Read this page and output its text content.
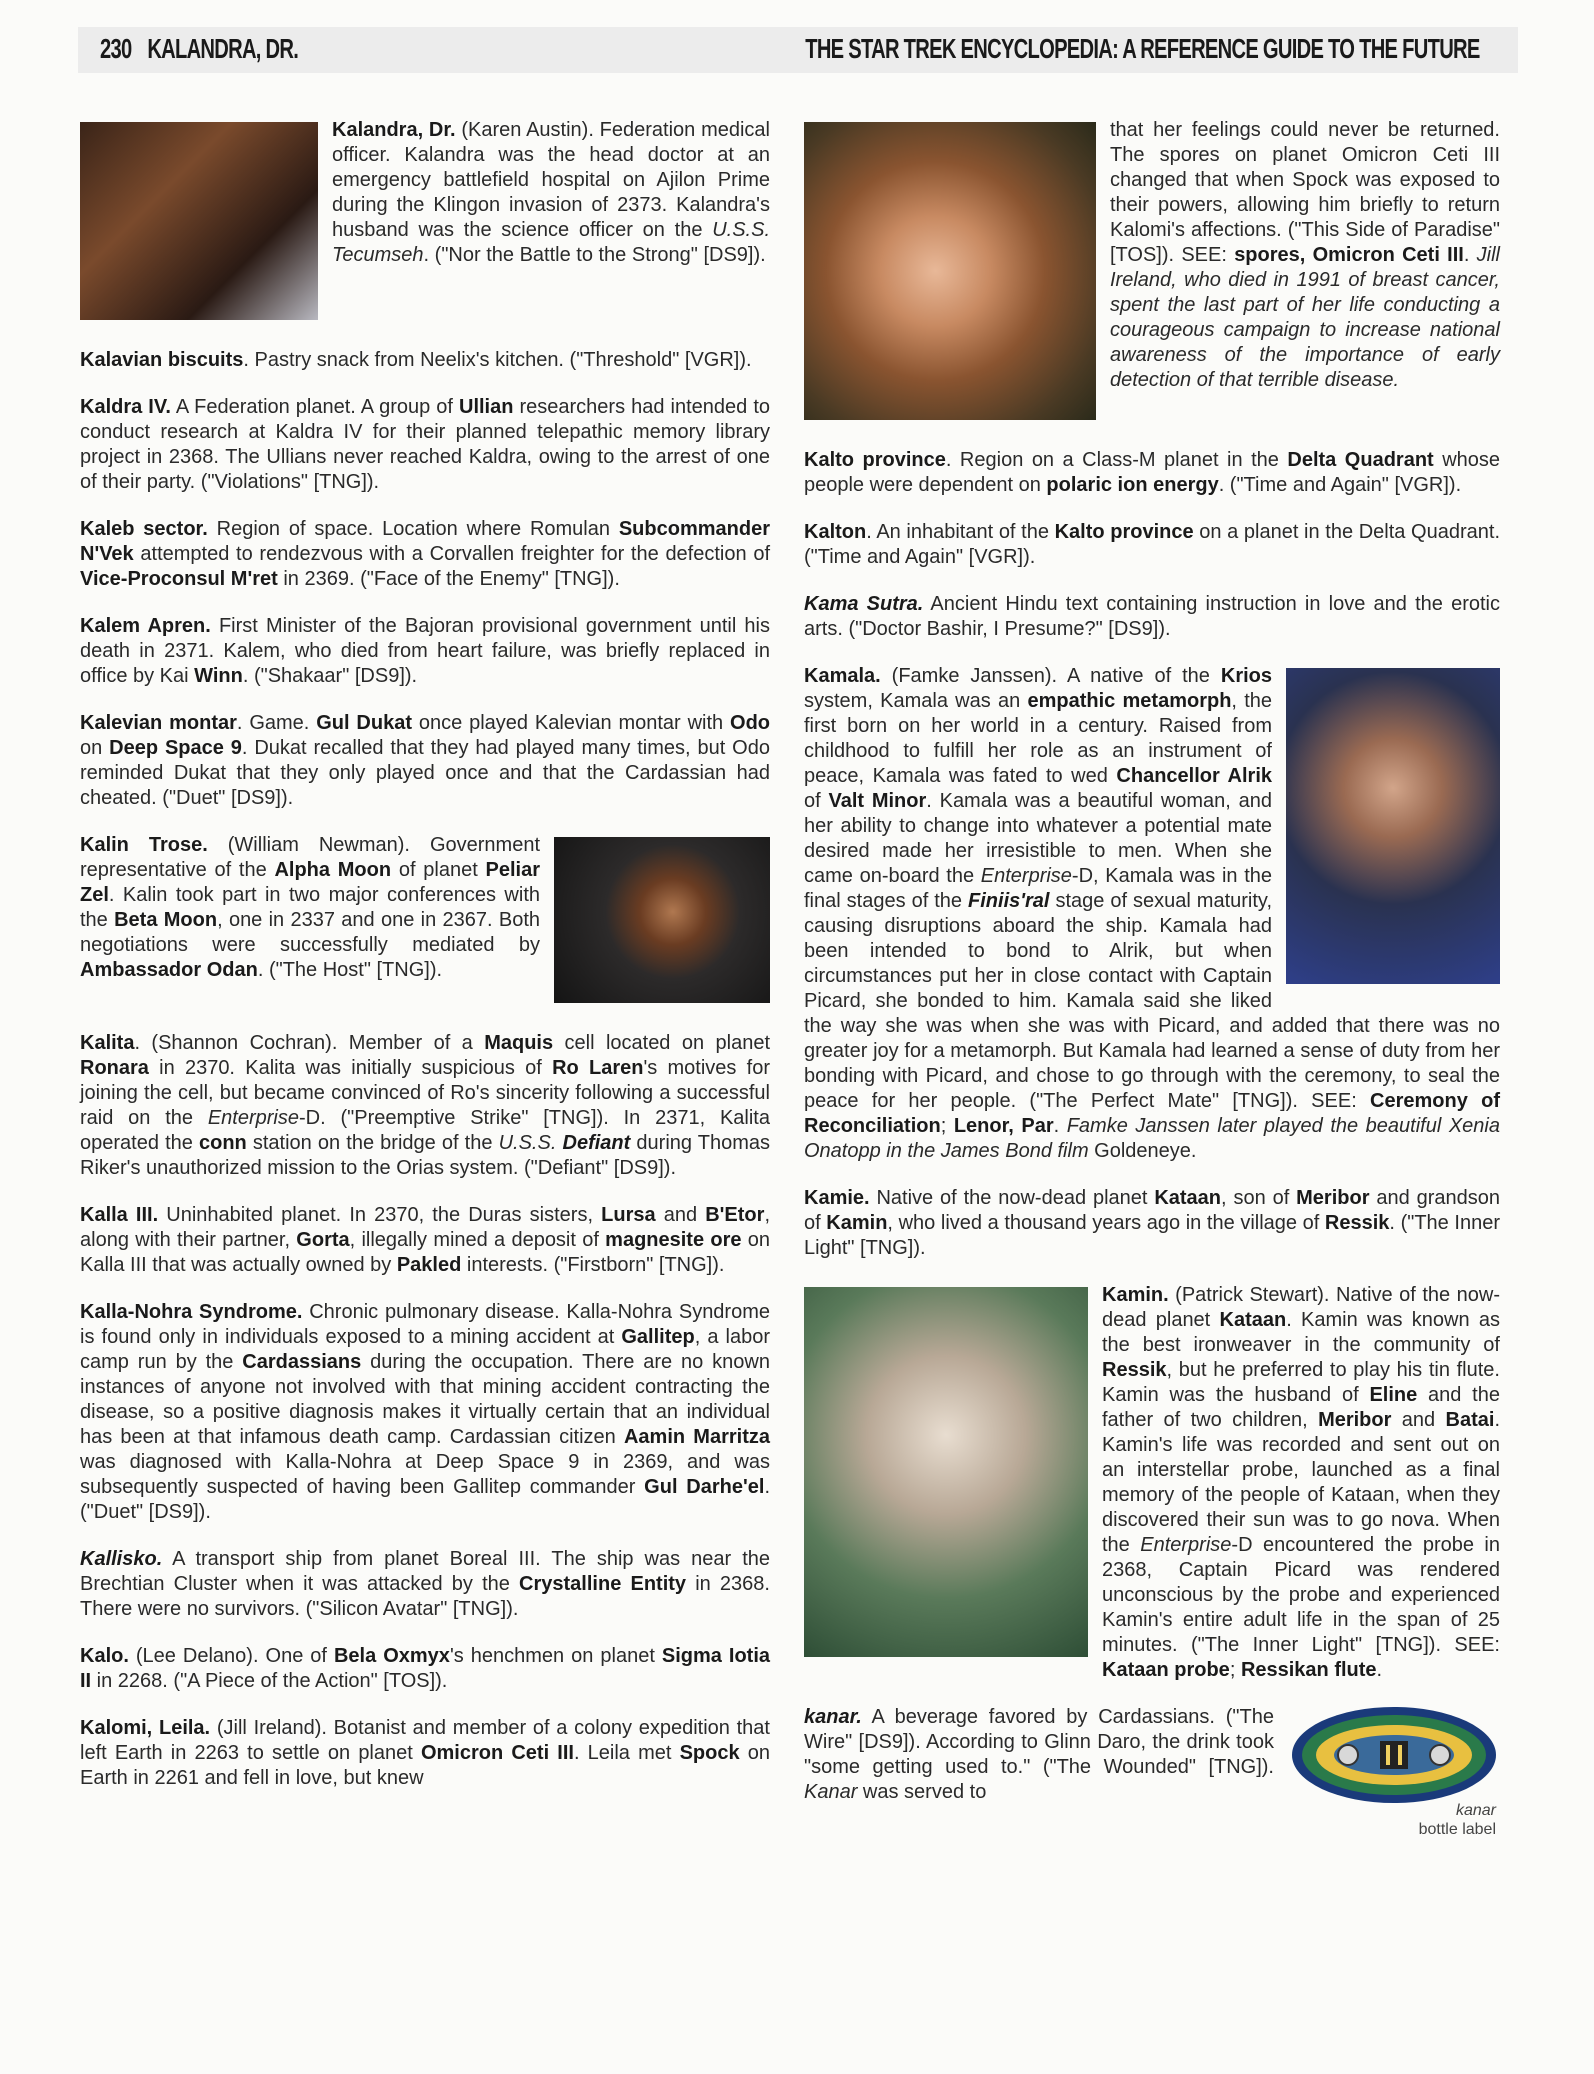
230 KALANDRA, DR.	THE STAR TREK ENCYCLOPEDIA: A REFERENCE GUIDE TO THE FUTURE
Kalandra, Dr. (Karen Austin). Federation medical officer. Kalandra was the head doctor at an emergency battlefield hospital on Ajilon Prime during the Klingon invasion of 2373. Kalandra's husband was the science officer on the U.S.S. Tecumseh. ("Nor the Battle to the Strong" [DS9]).
Kalavian biscuits. Pastry snack from Neelix's kitchen. ("Threshold" [VGR]).
Kaldra IV. A Federation planet. A group of Ullian researchers had intended to conduct research at Kaldra IV for their planned telepathic memory library project in 2368. The Ullians never reached Kaldra, owing to the arrest of one of their party. ("Violations" [TNG]).
Kaleb sector. Region of space. Location where Romulan Subcommander N'Vek attempted to rendezvous with a Corvallen freighter for the defection of Vice-Proconsul M'ret in 2369. ("Face of the Enemy" [TNG]).
Kalem Apren. First Minister of the Bajoran provisional government until his death in 2371. Kalem, who died from heart failure, was briefly replaced in office by Kai Winn. ("Shakaar" [DS9]).
Kalevian montar. Game. Gul Dukat once played Kalevian montar with Odo on Deep Space 9. Dukat recalled that they had played many times, but Odo reminded Dukat that they only played once and that the Cardassian had cheated. ("Duet" [DS9]).
Kalin Trose. (William Newman). Government representative of the Alpha Moon of planet Peliar Zel. Kalin took part in two major conferences with the Beta Moon, one in 2337 and one in 2367. Both negotiations were successfully mediated by Ambassador Odan. ("The Host" [TNG]).
Kalita. (Shannon Cochran). Member of a Maquis cell located on planet Ronara in 2370. Kalita was initially suspicious of Ro Laren's motives for joining the cell, but became convinced of Ro's sincerity following a successful raid on the Enterprise-D. ("Preemptive Strike" [TNG]). In 2371, Kalita operated the conn station on the bridge of the U.S.S. Defiant during Thomas Riker's unauthorized mission to the Orias system. ("Defiant" [DS9]).
Kalla III. Uninhabited planet. In 2370, the Duras sisters, Lursa and B'Etor, along with their partner, Gorta, illegally mined a deposit of magnesite ore on Kalla III that was actually owned by Pakled interests. ("Firstborn" [TNG]).
Kalla-Nohra Syndrome. Chronic pulmonary disease. Kalla-Nohra Syndrome is found only in individuals exposed to a mining accident at Gallitep, a labor camp run by the Cardassians during the occupation. There are no known instances of anyone not involved with that mining accident contracting the disease, so a positive diagnosis makes it virtually certain that an individual has been at that infamous death camp. Cardassian citizen Aamin Marritza was diagnosed with Kalla-Nohra at Deep Space 9 in 2369, and was subsequently suspected of having been Gallitep commander Gul Darhe'el. ("Duet" [DS9]).
Kallisko. A transport ship from planet Boreal III. The ship was near the Brechtian Cluster when it was attacked by the Crystalline Entity in 2368. There were no survivors. ("Silicon Avatar" [TNG]).
Kalo. (Lee Delano). One of Bela Oxmyx's henchmen on planet Sigma Iotia II in 2268. ("A Piece of the Action" [TOS]).
Kalomi, Leila. (Jill Ireland). Botanist and member of a colony expedition that left Earth in 2263 to settle on planet Omicron Ceti III. Leila met Spock on Earth in 2261 and fell in love, but knew
that her feelings could never be returned. The spores on planet Omicron Ceti III changed that when Spock was exposed to their powers, allowing him briefly to return Kalomi's affections. ("This Side of Paradise" [TOS]). SEE: spores, Omicron Ceti III. Jill Ireland, who died in 1991 of breast cancer, spent the last part of her life conducting a courageous campaign to increase national awareness of the importance of early detection of that terrible disease.
Kalto province. Region on a Class-M planet in the Delta Quadrant whose people were dependent on polaric ion energy. ("Time and Again" [VGR]).
Kalton. An inhabitant of the Kalto province on a planet in the Delta Quadrant. ("Time and Again" [VGR]).
Kama Sutra. Ancient Hindu text containing instruction in love and the erotic arts. ("Doctor Bashir, I Presume?" [DS9]).
Kamala. (Famke Janssen). A native of the Krios system, Kamala was an empathic metamorph, the first born on her world in a century. Raised from childhood to fulfill her role as an instrument of peace, Kamala was fated to wed Chancellor Alrik of Valt Minor. Kamala was a beautiful woman, and her ability to change into whatever a potential mate desired made her irresistible to men. When she came on-board the Enterprise-D, Kamala was in the final stages of the Finiis'ral stage of sexual maturity, causing disruptions aboard the ship. Kamala had been intended to bond to Alrik, but when circumstances put her in close contact with Captain Picard, she bonded to him. Kamala said she liked the way she was when she was with Picard, and added that there was no greater joy for a metamorph. But Kamala had learned a sense of duty from her bonding with Picard, and chose to go through with the ceremony, to seal the peace for her people. ("The Perfect Mate" [TNG]). SEE: Ceremony of Reconciliation; Lenor, Par. Famke Janssen later played the beautiful Xenia Onatopp in the James Bond film Goldeneye.
Kamie. Native of the now-dead planet Kataan, son of Meribor and grandson of Kamin, who lived a thousand years ago in the village of Ressik. ("The Inner Light" [TNG]).
Kamin. (Patrick Stewart). Native of the now-dead planet Kataan. Kamin was known as the best ironweaver in the community of Ressik, but he preferred to play his tin flute. Kamin was the husband of Eline and the father of two children, Meribor and Batai. Kamin's life was recorded and sent out on an interstellar probe, launched as a final memory of the people of Kataan, when they discovered their sun was to go nova. When the Enterprise-D encountered the probe in 2368, Captain Picard was rendered unconscious by the probe and experienced Kamin's entire adult life in the span of 25 minutes. ("The Inner Light" [TNG]). SEE: Kataan probe; Ressikan flute.
kanar
bottle label
kanar. A beverage favored by Cardassians. ("The Wire" [DS9]). According to Glinn Daro, the drink took "some getting used to." ("The Wounded" [TNG]). Kanar was served to
